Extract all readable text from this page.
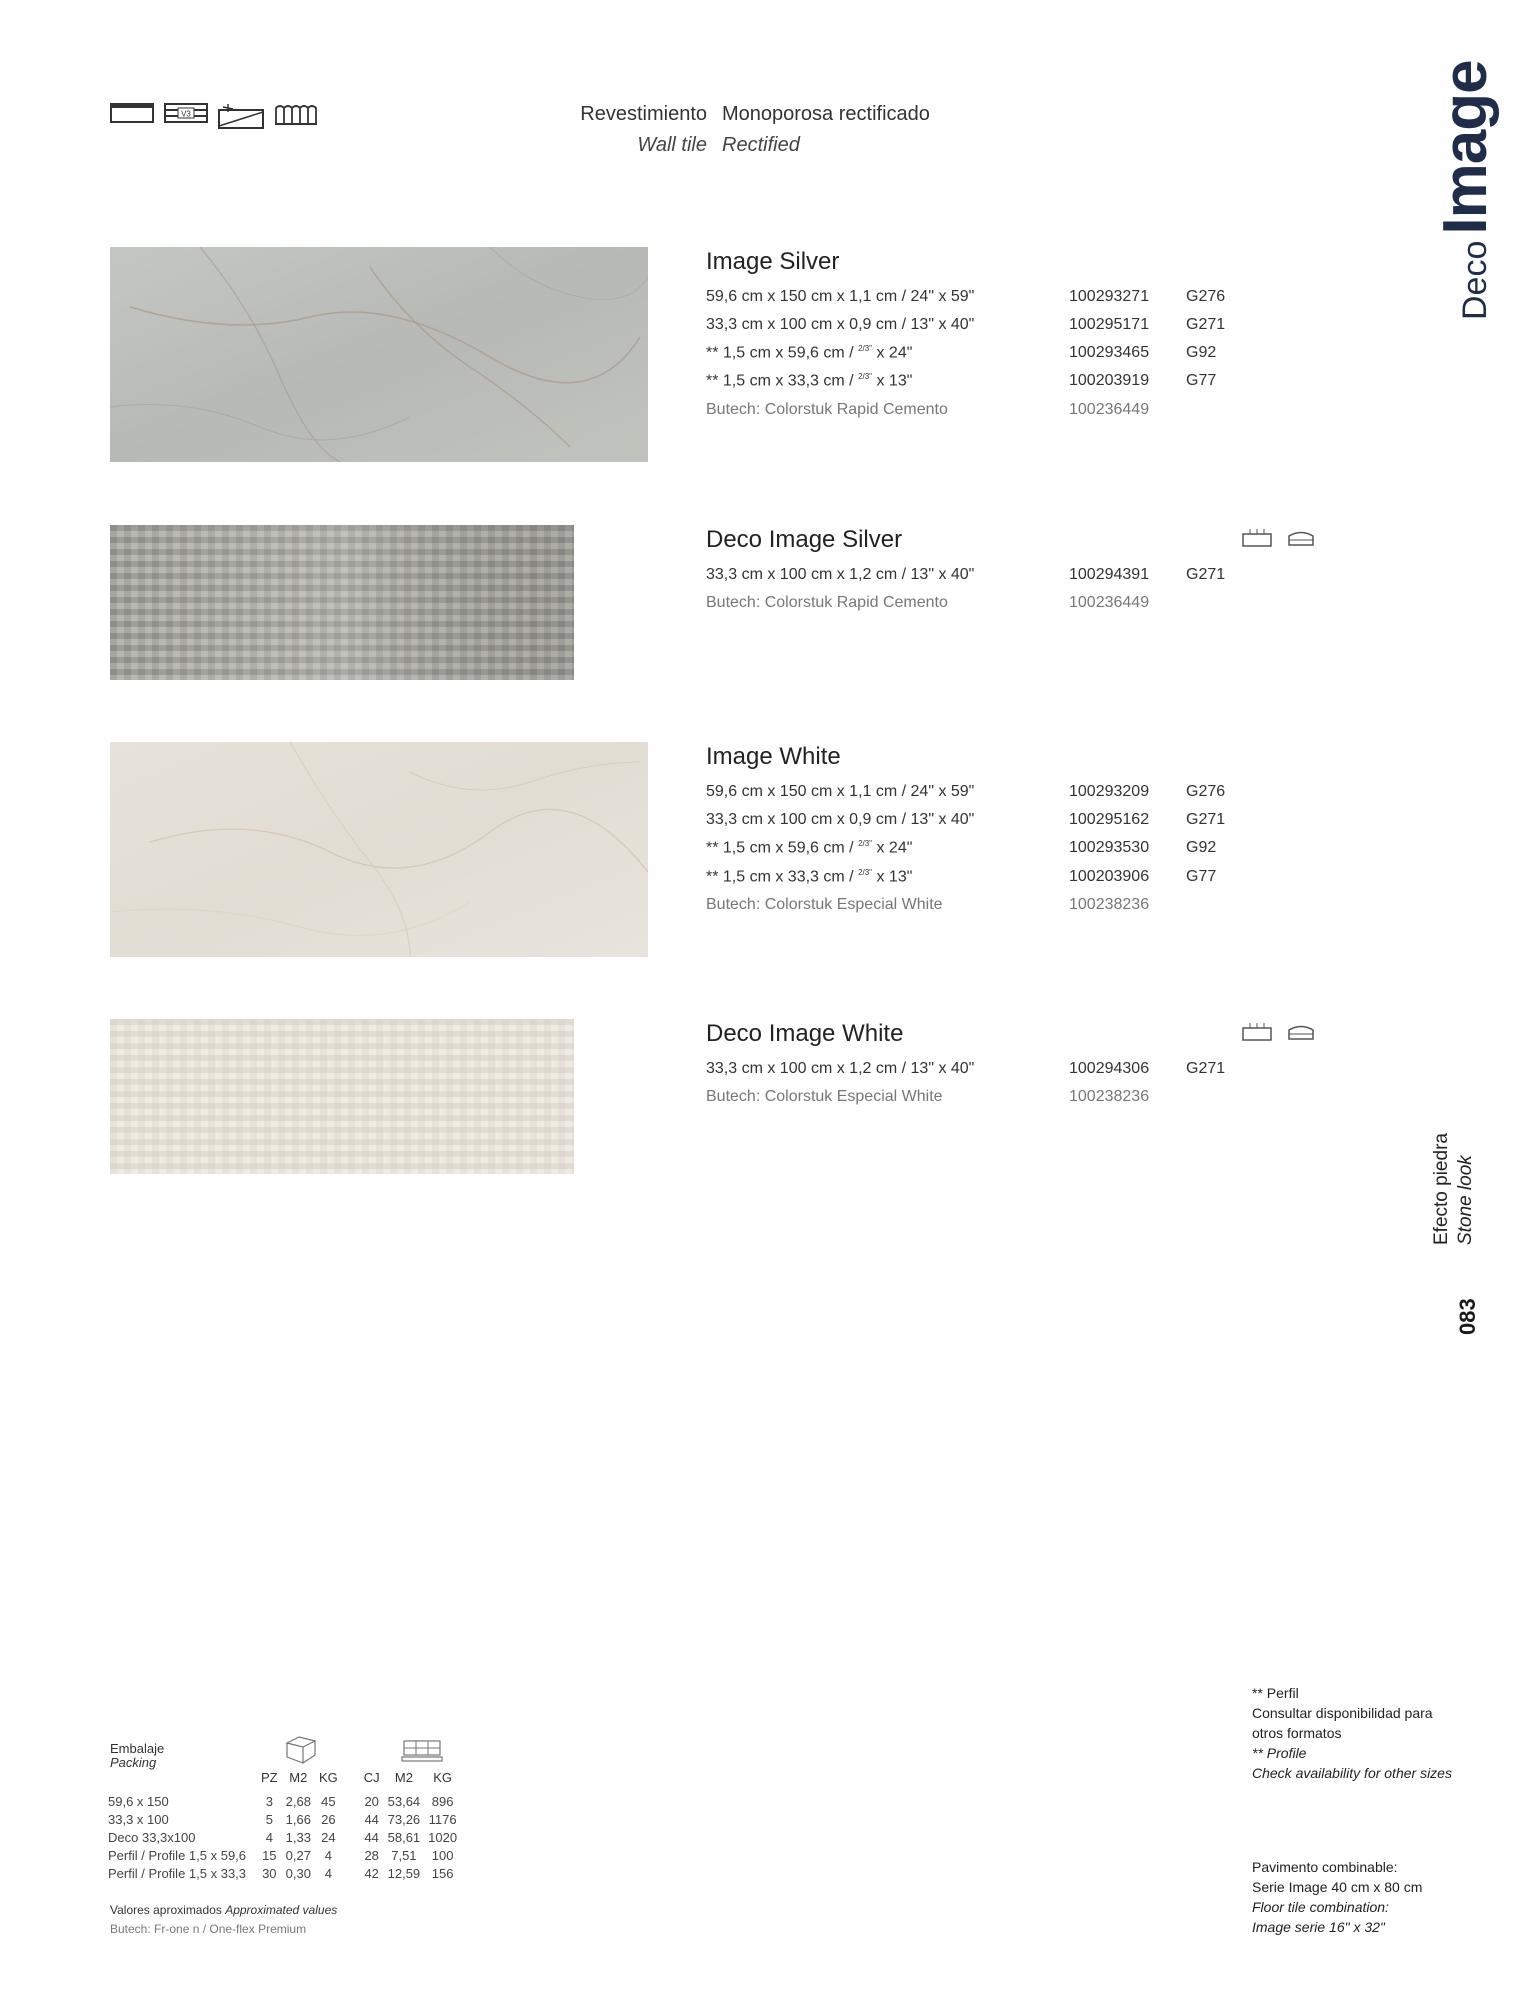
V3	Revestimiento
Wall tile
Monoporosa rectificado
Rectified
Deco
Image
Efecto piedra Stone look
083
Image Silver
59,6 cm x 150 cm x 1,1 cm / 24" x 59"	100293271 G276
33,3 cm x 100 cm x 0,9 cm / 13" x 40"	100295171 G271
** 1,5 cm x 59,6 cm / $^{2/3"}$ x 24"	100293465 G92
** 1,5 cm x 33,3 cm / $^{2/3"}$ x 13"	100203919 G77
Butech: Colorstuk Rapid Cemento	100236449
Deco Image Silver
33,3 cm x 100 cm x 1,2 cm / 13" x 40"	100294391 G271
Butech: Colorstuk Rapid Cemento	100236449
Image White
59,6 cm x 150 cm x 1,1 cm / 24" x 59"	100293209 G276
33,3 cm x 100 cm x 0,9 cm / 13" x 40"	100295162 G271
** 1,5 cm x 59,6 cm / $^{2/3"}$ x 24"	100293530 G92
** 1,5 cm x 33,3 cm / $^{2/3"}$ x 13"	100203906 G77
Butech: Colorstuk Especial White	100238236
Deco Image White
33,3 cm x 100 cm x 1,2 cm / 13" x 40"	100294306 G271
Butech: Colorstuk Especial White	100238236
Embalaje
Packing
	PZ	M2	KG		CJ	M2	KG
59,6 x 150	3	2,68	45		20	53,64	896
33,3 x 100	5	1,66	26		44	73,26	1176
Deco 33,3x100	4	1,33	24		44	58,61	1020
Perfil / Profile 1,5 x 59,6	15	0,27	4		28	7,51	100
Perfil / Profile 1,5 x 33,3	30	0,30	4		42	12,59	156
Valores aproximados Approximated values
Butech: Fr-one n / One-flex Premium
** Perfil
Consultar disponibilidad para
otros formatos
** Profile
Check availability for other sizes
Pavimento combinable:
Serie Image 40 cm x 80 cm
Floor tile combination:
Image serie 16" x 32"
